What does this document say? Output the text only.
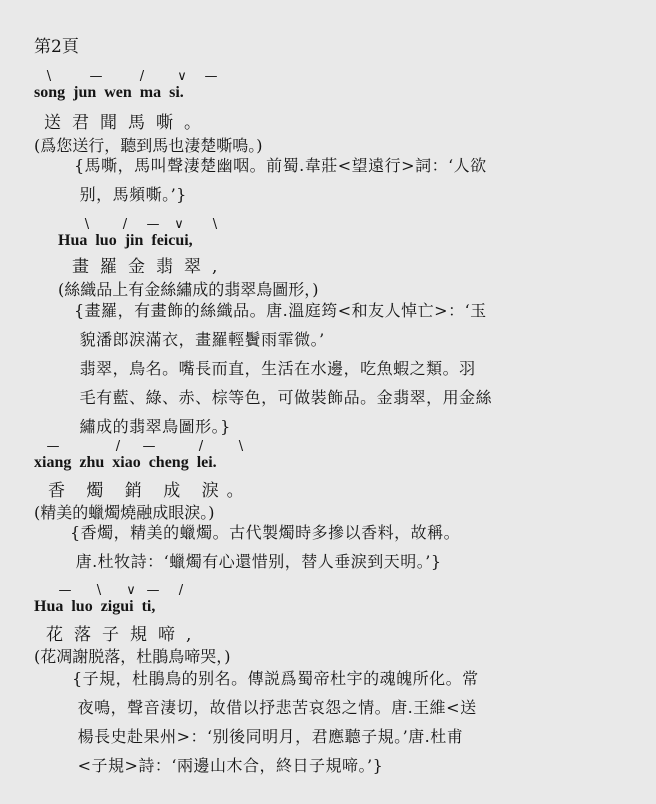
第2頁
\	—	/	∨ —
song jun wen ma si.
送君聞馬嘶。
(爲您送行，聽到馬也淒楚嘶鳴。)
{馬嘶，馬叫聲淒楚幽咽。前蜀.韋莊<望遠行>詞：‘人欲
别，馬頻嘶。’}
\	/	— ∨	\
Hua luo jin feicui,
畫羅金翡翠,
(絲織品上有金絲繡成的翡翠鳥圖形，)
{畫羅，有畫飾的絲織品。唐.溫庭筠<和友人悼亡>：‘玉
貌潘郎淚滿衣，畫羅輕鬢雨霏微。’
翡翠，鳥名。嘴長而直，生活在水邊，吃魚蝦之類。羽
毛有藍、綠、赤、棕等色，可做裝飾品。金翡翠，用金絲
繡成的翡翠鳥圖形。}
—	/	—	/	\
xiang zhu xiao cheng lei.
香 燭 銷 成 淚。
(精美的蠟燭燒融成眼淚。)
{香燭，精美的蠟燭。古代製燭時多摻以香料，故稱。
唐.杜牧詩：‘蠟燭有心還惜别，替人垂淚到天明。’}
—	\	∨ —	/
Hua luo zigui ti,
花落子規啼,
(花凋謝脱落，杜鵑鳥啼哭，)
{子規，杜鵑鳥的别名。傳説爲蜀帝杜宇的魂魄所化。常
夜鳴，聲音淒切，故借以抒悲苦哀怨之情。唐.王維<送
楊長史赴果州>：‘别後同明月，君應聽子規。’唐.杜甫
<子規>詩：‘兩邊山木合，終日子規啼。’}
